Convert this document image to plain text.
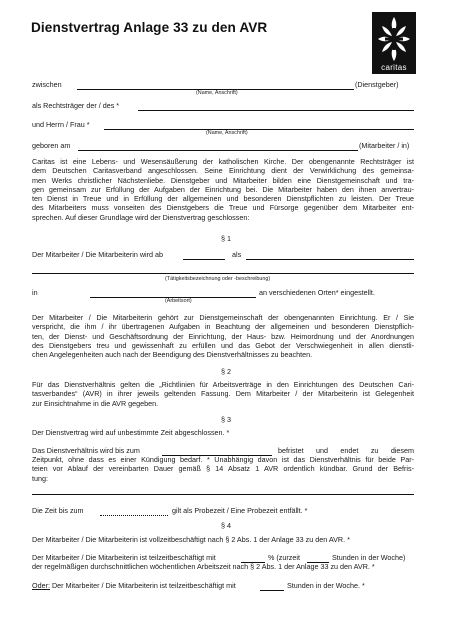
Dienstvertrag Anlage 33 zu den AVR
caritas
zwischen	(Dienstgeber)
(Name, Anschrift)
als Rechtsträger der / des *
und Herrn / Frau *
(Name, Anschrift)
geboren am	(Mitarbeiter / in)
Caritas ist eine Lebens- und Wesensäußerung der katholischen Kirche. Der obengenannte Rechtsträger ist
dem Deutschen Caritasverband angeschlossen. Seine Einrichtung dient der Verwirklichung des gemeinsa-
men Werks christlicher Nächstenliebe. Dienstgeber und Mitarbeiter bilden eine Dienstgemeinschaft und tra-
gen gemeinsam zur Erfüllung der Aufgaben der Einrichtung bei. Die Mitarbeiter haben den ihnen anvertrau-
ten Dienst in Treue und in Erfüllung der allgemeinen und besonderen Dienstpflichten zu leisten. Der Treue
des Mitarbeiters muss vonseiten des Dienstgebers die Treue und Fürsorge gegenüber dem Mitarbeiter ent-
sprechen. Auf dieser Grundlage wird der Dienstvertrag geschlossen:
§ 1
Der Mitarbeiter / Die Mitarbeiterin wird ab	als
(Tätigkeitsbezeichnung oder -beschreibung)
in	an verschiedenen Orten* eingestellt.
(Arbeitsort)
Der Mitarbeiter / Die Mitarbeiterin gehört zur Dienstgemeinschaft der obengenannten Einrichtung. Er / Sie
verspricht, die ihm / ihr übertragenen Aufgaben in Beachtung der allgemeinen und besonderen Dienstpflich-
ten, der Dienst- und Geschäftsordnung der Einrichtung, der Haus- bzw. Heimordnung und der Anordnungen
des Dienstgebers treu und gewissenhaft zu erfüllen und das Gebot der Verschwiegenheit in allen dienstli-
chen Angelegenheiten auch nach der Beendigung des Dienstverhältnisses zu beachten.
§ 2
Für das Dienstverhältnis gelten die „Richtlinien für Arbeitsverträge in den Einrichtungen des Deutschen Cari-
tasverbandes“ (AVR) in ihrer jeweils geltenden Fassung. Dem Mitarbeiter / der Mitarbeiterin ist Gelegenheit
zur Einsichtnahme in die AVR gegeben.
§ 3
Der Dienstvertrag wird auf unbestimmte Zeit abgeschlossen. *
Das Dienstverhältnis wird bis zum	befristet und endet zu diesem
Zeitpunkt, ohne dass es einer Kündigung bedarf. * Unabhängig davon ist das Dienstverhältnis für beide Par-
teien vor Ablauf der vereinbarten Dauer gemäß § 14 Absatz 1 AVR ordentlich kündbar. Grund der Befris-
tung:
Die Zeit bis zum	gilt als Probezeit / Eine Probezeit entfällt. *
§ 4
Der Mitarbeiter / Die Mitarbeiterin ist vollzeitbeschäftigt nach § 2 Abs. 1 der Anlage 33 zu den AVR. *
Der Mitarbeiter / Die Mitarbeiterin ist teilzeitbeschäftigt mit	% (zurzeit	Stunden in der Woche)
der regelmäßigen durchschnittlichen wöchentlichen Arbeitszeit nach § 2 Abs. 1 der Anlage 33 zu den AVR. *
Oder: Der Mitarbeiter / Die Mitarbeiterin ist teilzeitbeschäftigt mit	Stunden in der Woche. *
